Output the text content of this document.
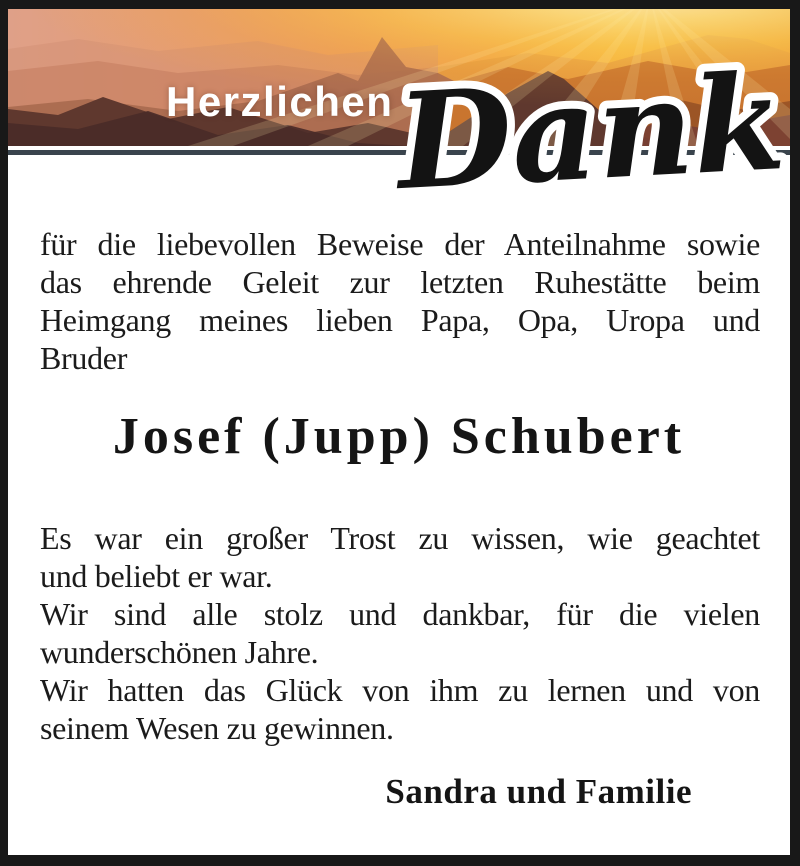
Herzlichen Dank
für die liebevollen Beweise der Anteilnahme sowie
das ehrende Geleit zur letzten Ruhestätte beim
Heimgang meines lieben Papa, Opa, Uropa und
Bruder
Josef (Jupp) Schubert
Es war ein großer Trost zu wissen, wie geachtet
und beliebt er war.
Wir sind alle stolz und dankbar, für die vielen
wunderschönen Jahre.
Wir hatten das Glück von ihm zu lernen und von
seinem Wesen zu gewinnen.
Sandra und Familie
